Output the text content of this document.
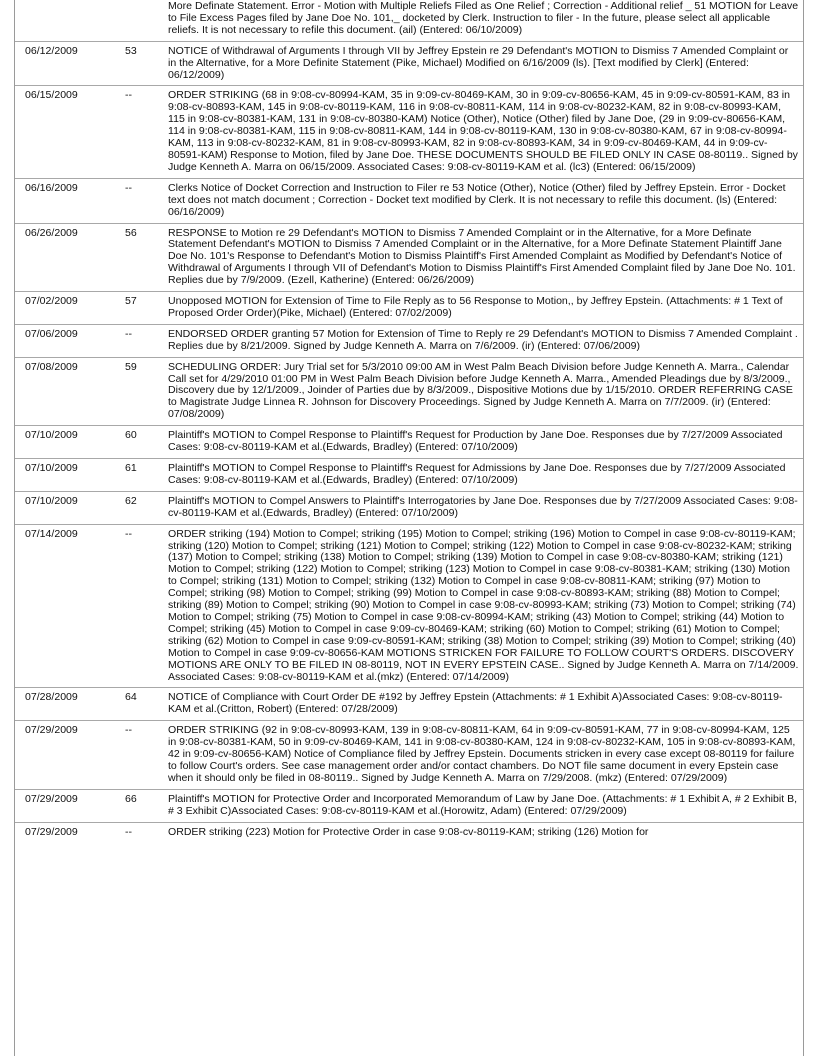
		More Definate Statement. Error - Motion with Multiple Reliefs Filed as One Relief ; Correction - Additional relief _ 51 MOTION for Leave to File Excess Pages filed by Jane Doe No. 101,_ docketed by Clerk. Instruction to filer - In the future, please select all applicable reliefs. It is not necessary to refile this document. (ail) (Entered: 06/10/2009)
06/12/2009	53	NOTICE of Withdrawal of Arguments I through VII by Jeffrey Epstein re 29 Defendant's MOTION to Dismiss 7 Amended Complaint or in the Alternative, for a More Definite Statement (Pike, Michael) Modified on 6/16/2009 (ls). [Text modified by Clerk] (Entered: 06/12/2009)
06/15/2009	--	ORDER STRIKING (68 in 9:08-cv-80994-KAM, 35 in 9:09-cv-80469-KAM, 30 in 9:09-cv-80656-KAM, 45 in 9:09-cv-80591-KAM, 83 in 9:08-cv-80893-KAM, 145 in 9:08-cv-80119-KAM, 116 in 9:08-cv-80811-KAM, 114 in 9:08-cv-80232-KAM, 82 in 9:08-cv-80993-KAM, 115 in 9:08-cv-80381-KAM, 131 in 9:08-cv-80380-KAM) Notice (Other), Notice (Other) filed by Jane Doe, (29 in 9:09-cv-80656-KAM, 114 in 9:08-cv-80381-KAM, 115 in 9:08-cv-80811-KAM, 144 in 9:08-cv-80119-KAM, 130 in 9:08-cv-80380-KAM, 67 in 9:08-cv-80994-KAM, 113 in 9:08-cv-80232-KAM, 81 in 9:08-cv-80993-KAM, 82 in 9:08-cv-80893-KAM, 34 in 9:09-cv-80469-KAM, 44 in 9:09-cv-80591-KAM) Response to Motion, filed by Jane Doe. THESE DOCUMENTS SHOULD BE FILED ONLY IN CASE 08-80119.. Signed by Judge Kenneth A. Marra on 06/15/2009. Associated Cases: 9:08-cv-80119-KAM et al. (lc3) (Entered: 06/15/2009)
06/16/2009	--	Clerks Notice of Docket Correction and Instruction to Filer re 53 Notice (Other), Notice (Other) filed by Jeffrey Epstein. Error - Docket text does not match document ; Correction - Docket text modified by Clerk. It is not necessary to refile this document. (ls) (Entered: 06/16/2009)
06/26/2009	56	RESPONSE to Motion re 29 Defendant's MOTION to Dismiss 7 Amended Complaint or in the Alternative, for a More Definate Statement Defendant's MOTION to Dismiss 7 Amended Complaint or in the Alternative, for a More Definate Statement Plaintiff Jane Doe No. 101's Response to Defendant's Motion to Dismiss Plaintiff's First Amended Complaint as Modified by Defendant's Notice of Withdrawal of Arguments I through VII of Defendant's Motion to Dismiss Plaintiff's First Amended Complaint filed by Jane Doe No. 101. Replies due by 7/9/2009. (Ezell, Katherine) (Entered: 06/26/2009)
07/02/2009	57	Unopposed MOTION for Extension of Time to File Reply as to 56 Response to Motion,, by Jeffrey Epstein. (Attachments: # 1 Text of Proposed Order Order)(Pike, Michael) (Entered: 07/02/2009)
07/06/2009	--	ENDORSED ORDER granting 57 Motion for Extension of Time to Reply re 29 Defendant's MOTION to Dismiss 7 Amended Complaint . Replies due by 8/21/2009. Signed by Judge Kenneth A. Marra on 7/6/2009. (ir) (Entered: 07/06/2009)
07/08/2009	59	SCHEDULING ORDER: Jury Trial set for 5/3/2010 09:00 AM in West Palm Beach Division before Judge Kenneth A. Marra., Calendar Call set for 4/29/2010 01:00 PM in West Palm Beach Division before Judge Kenneth A. Marra., Amended Pleadings due by 8/3/2009., Discovery due by 12/1/2009., Joinder of Parties due by 8/3/2009., Dispositive Motions due by 1/15/2010. ORDER REFERRING CASE to Magistrate Judge Linnea R. Johnson for Discovery Proceedings. Signed by Judge Kenneth A. Marra on 7/7/2009. (ir) (Entered: 07/08/2009)
07/10/2009	60	Plaintiff's MOTION to Compel Response to Plaintiff's Request for Production by Jane Doe. Responses due by 7/27/2009 Associated Cases: 9:08-cv-80119-KAM et al.(Edwards, Bradley) (Entered: 07/10/2009)
07/10/2009	61	Plaintiff's MOTION to Compel Response to Plaintiff's Request for Admissions by Jane Doe. Responses due by 7/27/2009 Associated Cases: 9:08-cv-80119-KAM et al.(Edwards, Bradley) (Entered: 07/10/2009)
07/10/2009	62	Plaintiff's MOTION to Compel Answers to Plaintiff's Interrogatories by Jane Doe. Responses due by 7/27/2009 Associated Cases: 9:08-cv-80119-KAM et al.(Edwards, Bradley) (Entered: 07/10/2009)
07/14/2009	--	ORDER striking (194) Motion to Compel; striking (195) Motion to Compel; striking (196) Motion to Compel in case 9:08-cv-80119-KAM; striking (120) Motion to Compel; striking (121) Motion to Compel; striking (122) Motion to Compel in case 9:08-cv-80232-KAM; striking (137) Motion to Compel; striking (138) Motion to Compel; striking (139) Motion to Compel in case 9:08-cv-80380-KAM; striking (121) Motion to Compel; striking (122) Motion to Compel; striking (123) Motion to Compel in case 9:08-cv-80381-KAM; striking (130) Motion to Compel; striking (131) Motion to Compel; striking (132) Motion to Compel in case 9:08-cv-80811-KAM; striking (97) Motion to Compel; striking (98) Motion to Compel; striking (99) Motion to Compel in case 9:08-cv-80893-KAM; striking (88) Motion to Compel; striking (89) Motion to Compel; striking (90) Motion to Compel in case 9:08-cv-80993-KAM; striking (73) Motion to Compel; striking (74) Motion to Compel; striking (75) Motion to Compel in case 9:08-cv-80994-KAM; striking (43) Motion to Compel; striking (44) Motion to Compel; striking (45) Motion to Compel in case 9:09-cv-80469-KAM; striking (60) Motion to Compel; striking (61) Motion to Compel; striking (62) Motion to Compel in case 9:09-cv-80591-KAM; striking (38) Motion to Compel; striking (39) Motion to Compel; striking (40) Motion to Compel in case 9:09-cv-80656-KAM MOTIONS STRICKEN FOR FAILURE TO FOLLOW COURT'S ORDERS. DISCOVERY MOTIONS ARE ONLY TO BE FILED IN 08-80119, NOT IN EVERY EPSTEIN CASE.. Signed by Judge Kenneth A. Marra on 7/14/2009. Associated Cases: 9:08-cv-80119-KAM et al.(mkz) (Entered: 07/14/2009)
07/28/2009	64	NOTICE of Compliance with Court Order DE #192 by Jeffrey Epstein (Attachments: # 1 Exhibit A)Associated Cases: 9:08-cv-80119-KAM et al.(Critton, Robert) (Entered: 07/28/2009)
07/29/2009	--	ORDER STRIKING (92 in 9:08-cv-80993-KAM, 139 in 9:08-cv-80811-KAM, 64 in 9:09-cv-80591-KAM, 77 in 9:08-cv-80994-KAM, 125 in 9:08-cv-80381-KAM, 50 in 9:09-cv-80469-KAM, 141 in 9:08-cv-80380-KAM, 124 in 9:08-cv-80232-KAM, 105 in 9:08-cv-80893-KAM, 42 in 9:09-cv-80656-KAM) Notice of Compliance filed by Jeffrey Epstein. Documents stricken in every case except 08-80119 for failure to follow Court's orders. See case management order and/or contact chambers. Do NOT file same document in every Epstein case when it should only be filed in 08-80119.. Signed by Judge Kenneth A. Marra on 7/29/2008. (mkz) (Entered: 07/29/2009)
07/29/2009	66	Plaintiff's MOTION for Protective Order and Incorporated Memorandum of Law by Jane Doe. (Attachments: # 1 Exhibit A, # 2 Exhibit B, # 3 Exhibit C)Associated Cases: 9:08-cv-80119-KAM et al.(Horowitz, Adam) (Entered: 07/29/2009)
07/29/2009	--	ORDER striking (223) Motion for Protective Order in case 9:08-cv-80119-KAM; striking (126) Motion for
